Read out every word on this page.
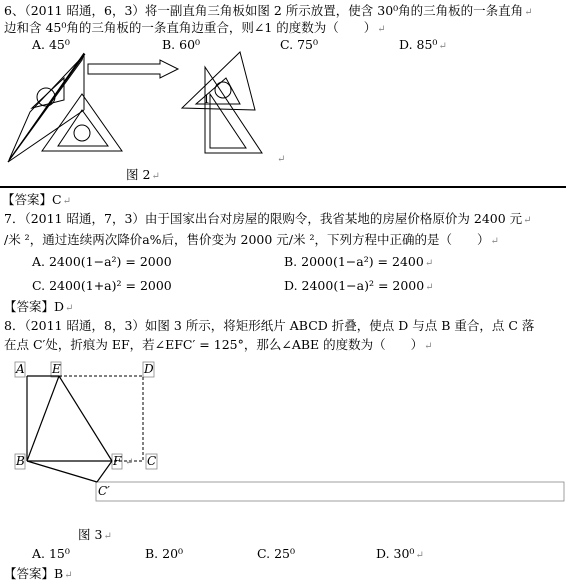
6、（2011 昭通，6，3）将一副直角三角板如图 2 所示放置，使含 30⁰角的三角板的一条直角↵
边和含 45⁰角的三角板的一条直角边重合，则∠1 的度数为（　　）↵
A. 45⁰	B. 60⁰	C. 75⁰	D. 85⁰↵
1
↵
图 2↵
【答案】C↵
7．（2011 昭通，7，3）由于国家出台对房屋的限购令，我省某地的房屋价格原价为 2400 元↵
/米 ²，通过连续两次降价a%后，售价变为 2000 元/米 ²，下列方程中正确的是（　　）↵
A. 2400(1−a²) = 2000	B. 2000(1−a²) = 2400↵
C. 2400(1+a)² = 2000	D. 2400(1−a)² = 2000↵
【答案】D↵
8．（2011 昭通，8，3）如图 3 所示，将矩形纸片 ABCD 折叠，使点 D 与点 B 重合，点 C 落
在点 C′处，折痕为 EF，若∠EFC′ = 125°，那么∠ABE 的度数为（　　）↵
A E	D
B	F C
C′
↵
图 3↵
A. 15⁰	B. 20⁰	C. 25⁰	D. 30⁰↵
【答案】B↵
